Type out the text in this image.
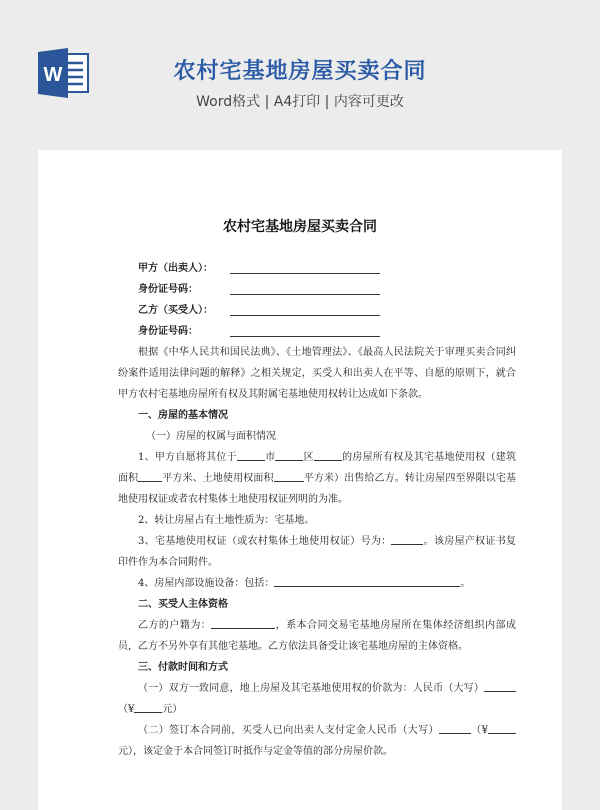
W	农村宅基地房屋买卖合同
Word格式 | A4打印 | 内容可更改
农村宅基地房屋买卖合同
甲方（出卖人）：
身份证号码：
乙方（买受人）：
身份证号码：

根据《中华人民共和国民法典》、《土地管理法》、《最高人民法院关于审理买卖合同纠纷案件适用法律问题的解释》之相关规定，买受人和出卖人在平等、自愿的原则下，就合甲方农村宅基地房屋所有权及其附属宅基地使用权转让达成如下条款。

一、房屋的基本情况

（一）房屋的权属与面积情况

1、甲方自愿将其位于	市	区	的房屋所有权及其宅基地使用权（建筑面积 平方米、土地使用权面积	平方米）出售给乙方。转让房屋四至界限以宅基地使用权证或者农村集体土地使用权证列明的为准。

2、转让房屋占有土地性质为：宅基地。

3、宅基地使用权证（或农村集体土地使用权证）号为：	。该房屋产权证书复印件作为本合同附件。

4、房屋内部设施设备：包括：	。

二、买受人主体资格

乙方的户籍为：	，系本合同交易宅基地房屋所在集体经济组织内部成员，乙方不另外享有其他宅基地。乙方依法具备受让该宅基地房屋的主体资格。

三、付款时间和方式

（一）双方一致同意，地上房屋及其宅基地使用权的价款为：人民币（大写）（¥	元）

（二）签订本合同前，买受人已向出卖人支付定金人民币（大写）	（¥元），该定金于本合同签订时抵作与定金等值的部分房屋价款。
